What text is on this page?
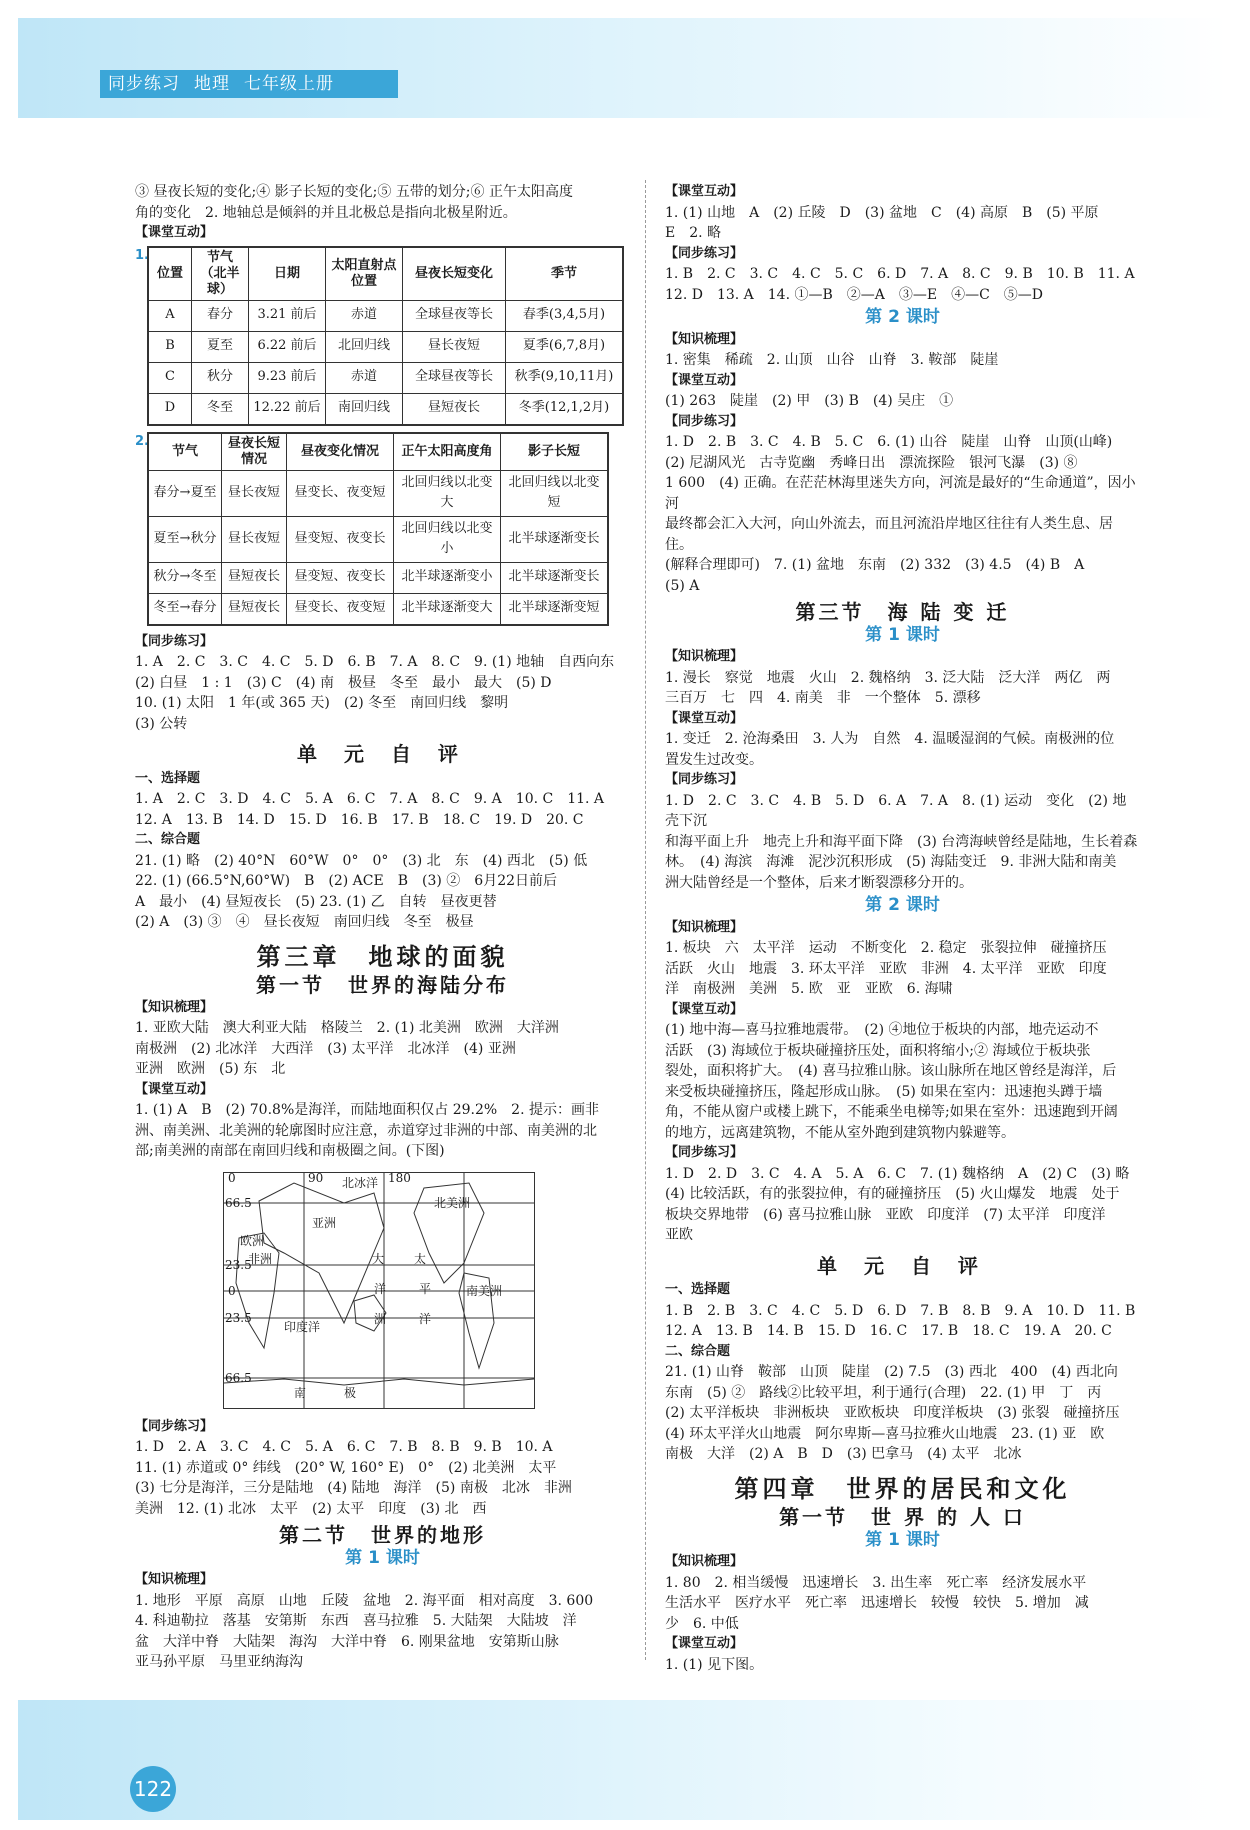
同步练习 地理 七年级上册

③ 昼夜长短的变化;④ 影子长短的变化;⑤ 五带的划分;⑥ 正午太阳高度

角的变化　2. 地轴总是倾斜的并且北极总是指向北极星附近。

【课堂互动】

1.
位置	节气（北半球）	日期	太阳直射点位置	昼夜长短变化	季节
A	春分	3.21 前后	赤道	全球昼夜等长	春季(3,4,5月)
B	夏至	6.22 前后	北回归线	昼长夜短	夏季(6,7,8月)
C	秋分	9.23 前后	赤道	全球昼夜等长	秋季(9,10,11月)
D	冬至	12.22 前后	南回归线	昼短夜长	冬季(12,1,2月)
2.
节气	昼夜长短情况	昼夜变化情况	正午太阳高度角	影子长短
春分→夏至	昼长夜短	昼变长、夜变短	北回归线以北变大	北回归线以北变短
夏至→秋分	昼长夜短	昼变短、夜变长	北回归线以北变小	北半球逐渐变长
秋分→冬至	昼短夜长	昼变短、夜变长	北半球逐渐变小	北半球逐渐变长
冬至→春分	昼短夜长	昼变长、夜变短	北半球逐渐变大	北半球逐渐变短

【同步练习】

1. A　2. C　3. C　4. C　5. D　6. B　7. A　8. C　9. (1) 地轴　自西向东

(2) 白昼　1 : 1　(3) C　(4) 南　极昼　冬至　最小　最大　(5) D

10. (1) 太阳　1 年(或 365 天)　(2) 冬至　南回归线　黎明

(3) 公转

单 元 自 评

一、选择题

1. A　2. C　3. D　4. C　5. A　6. C　7. A　8. C　9. A　10. C　11. A

12. A　13. B　14. D　15. D　16. B　17. B　18. C　19. D　20. C

二、综合题

21. (1) 略　(2) 40°N　60°W　0°　0°　(3) 北　东　(4) 西北　(5) 低

22. (1) (66.5°N,60°W)　B　(2) ACE　B　(3) ②　6月22日前后

A　最小　(4) 昼短夜长　(5) 23. (1) 乙　自转　昼夜更替

(2) A　(3) ③　④　昼长夜短　南回归线　冬至　极昼

第三章　地球的面貌
第一节　世界的海陆分布

【知识梳理】

1. 亚欧大陆　澳大利亚大陆　格陵兰　2. (1) 北美洲　欧洲　大洋洲

南极洲　(2) 北冰洋　大西洋　(3) 太平洋　北冰洋　(4) 亚洲

亚洲　欧洲　(5) 东　北

【课堂互动】

1. (1) A　B　(2) 70.8%是海洋，而陆地面积仅占 29.2%　2. 提示：画非

洲、南美洲、北美洲的轮廓图时应注意，赤道穿过非洲的中部、南美洲的北

部;南美洲的南部在南回归线和南极圈之间。(下图)

0	90	180
66.5
23.5
0
23.5
66.5
北冰洋
亚洲
北美洲
欧洲
非洲	大 太
洋	平	南美洲
印度洋
洲	洋
南	极

【同步练习】

1. D　2. A　3. C　4. C　5. A　6. C　7. B　8. B　9. B　10. A

11. (1) 赤道或 0° 纬线　(20° W, 160° E)　0°　(2) 北美洲　太平

(3) 七分是海洋，三分是陆地　(4) 陆地　海洋　(5) 南极　北冰　非洲

美洲　12. (1) 北冰　太平　(2) 太平　印度　(3) 北　西

第二节　世界的地形
第 1 课时

【知识梳理】

1. 地形　平原　高原　山地　丘陵　盆地　2. 海平面　相对高度　3. 600

4. 科迪勒拉　落基　安第斯　东西　喜马拉雅　5. 大陆架　大陆坡　洋

盆　大洋中脊　大陆架　海沟　大洋中脊　6. 刚果盆地　安第斯山脉

亚马孙平原　马里亚纳海沟

【课堂互动】

1. (1) 山地　A　(2) 丘陵　D　(3) 盆地　C　(4) 高原　B　(5) 平原

E　2. 略

【同步练习】

1. B　2. C　3. C　4. C　5. C　6. D　7. A　8. C　9. B　10. B　11. A

12. D　13. A　14. ①—B　②—A　③—E　④—C　⑤—D

第 2 课时

【知识梳理】

1. 密集　稀疏　2. 山顶　山谷　山脊　3. 鞍部　陡崖

【课堂互动】

(1) 263　陡崖　(2) 甲　(3) B　(4) 吴庄　①

【同步练习】

1. D　2. B　3. C　4. B　5. C　6. (1) 山谷　陡崖　山脊　山顶(山峰)

(2) 尼湖风光　古寺览幽　秀峰日出　漂流探险　银河飞瀑　(3) ⑧

1 600　(4) 正确。在茫茫林海里迷失方向，河流是最好的“生命通道”，因小河

最终都会汇入大河，向山外流去，而且河流沿岸地区往往有人类生息、居住。

(解释合理即可)　7. (1) 盆地　东南　(2) 332　(3) 4.5　(4) B　A

(5) A

第三节　海 陆 变 迁
第 1 课时

【知识梳理】

1. 漫长　察觉　地震　火山　2. 魏格纳　3. 泛大陆　泛大洋　两亿　两

三百万　七　四　4. 南美　非　一个整体　5. 漂移

【课堂互动】

1. 变迁　2. 沧海桑田　3. 人为　自然　4. 温暖湿润的气候。南极洲的位

置发生过改变。

【同步练习】

1. D　2. C　3. C　4. B　5. D　6. A　7. A　8. (1) 运动　变化　(2) 地壳下沉

和海平面上升　地壳上升和海平面下降　(3) 台湾海峡曾经是陆地，生长着森

林。　(4) 海滨　海滩　泥沙沉积形成　(5) 海陆变迁　9. 非洲大陆和南美

洲大陆曾经是一个整体，后来才断裂漂移分开的。

第 2 课时

【知识梳理】

1. 板块　六　太平洋　运动　不断变化　2. 稳定　张裂拉伸　碰撞挤压

活跃　火山　地震　3. 环太平洋　亚欧　非洲　4. 太平洋　亚欧　印度

洋　南极洲　美洲　5. 欧　亚　亚欧　6. 海啸

【课堂互动】

(1) 地中海—喜马拉雅地震带。　(2) ④地位于板块的内部，地壳运动不

活跃　(3) 海域位于板块碰撞挤压处，面积将缩小;② 海域位于板块张

裂处，面积将扩大。　(4) 喜马拉雅山脉。该山脉所在地区曾经是海洋，后

来受板块碰撞挤压，隆起形成山脉。　(5) 如果在室内：迅速抱头蹲于墙

角，不能从窗户或楼上跳下，不能乘坐电梯等;如果在室外：迅速跑到开阔

的地方，远离建筑物，不能从室外跑到建筑物内躲避等。

【同步练习】

1. D　2. D　3. C　4. A　5. A　6. C　7. (1) 魏格纳　A　(2) C　(3) 略

(4) 比较活跃，有的张裂拉伸，有的碰撞挤压　(5) 火山爆发　地震　处于

板块交界地带　(6) 喜马拉雅山脉　亚欧　印度洋　(7) 太平洋　印度洋

亚欧

单 元 自 评

一、选择题

1. B　2. B　3. C　4. C　5. D　6. D　7. B　8. B　9. A　10. D　11. B

12. A　13. B　14. B　15. D　16. C　17. B　18. C　19. A　20. C

二、综合题

21. (1) 山脊　鞍部　山顶　陡崖　(2) 7.5　(3) 西北　400　(4) 西北向

东南　(5) ②　路线②比较平坦，利于通行(合理)　22. (1) 甲　丁　丙

(2) 太平洋板块　非洲板块　亚欧板块　印度洋板块　(3) 张裂　碰撞挤压

(4) 环太平洋火山地震　阿尔卑斯—喜马拉雅火山地震　23. (1) 亚　欧

南极　大洋　(2) A　B　D　(3) 巴拿马　(4) 太平　北冰

第四章　世界的居民和文化
第一节　世 界 的 人 口
第 1 课时

【知识梳理】

1. 80　2. 相当缓慢　迅速增长　3. 出生率　死亡率　经济发展水平

生活水平　医疗水平　死亡率　迅速增长　较慢　较快　5. 增加　减

少　6. 中低

【课堂互动】

1. (1) 见下图。

122
